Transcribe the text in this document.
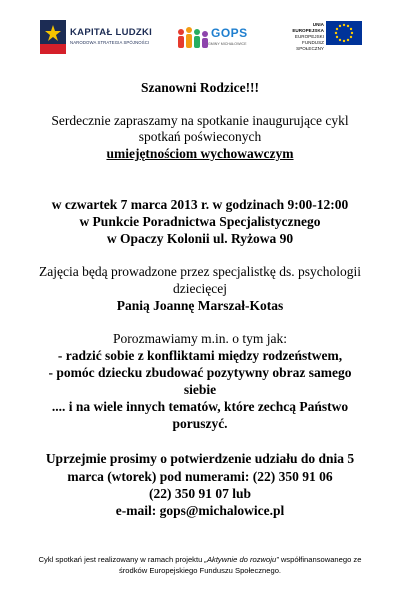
KAPITAŁ LUDZKI
NARODOWA STRATEGIA SPÓJNOŚCI
GOPS
GMINY MICHAŁOWICE
UNIA EUROPEJSKA
EUROPEJSKI
FUNDUSZ SPOŁECZNY
Szanowni Rodzice!!!
Serdecznie zapraszamy na spotkanie inaugurujące cykl
spotkań poświeconych
umiejętnościom wychowawczym
w czwartek 7 marca 2013 r. w godzinach 9:00-12:00
w Punkcie Poradnictwa Specjalistycznego
w Opaczy Kolonii ul. Ryżowa 90
Zajęcia będą prowadzone przez specjalistkę ds. psychologii
dziecięcej
Panią Joannę Marszał-Kotas
Porozmawiamy m.in. o tym jak:
- radzić sobie z konfliktami między rodzeństwem,
- pomóc dziecku zbudować pozytywny obraz samego
siebie
.... i na wiele innych tematów, które zechcą Państwo
poruszyć.
Uprzejmie prosimy o potwierdzenie udziału do dnia 5
marca (wtorek) pod numerami: (22) 350 91 06
(22) 350 91 07 lub
e-mail: gops@michalowice.pl
Cykl spotkań jest realizowany w ramach projektu „Aktywnie do rozwoju” współfinansowanego ze
środków Europejskiego Funduszu Społecznego.
